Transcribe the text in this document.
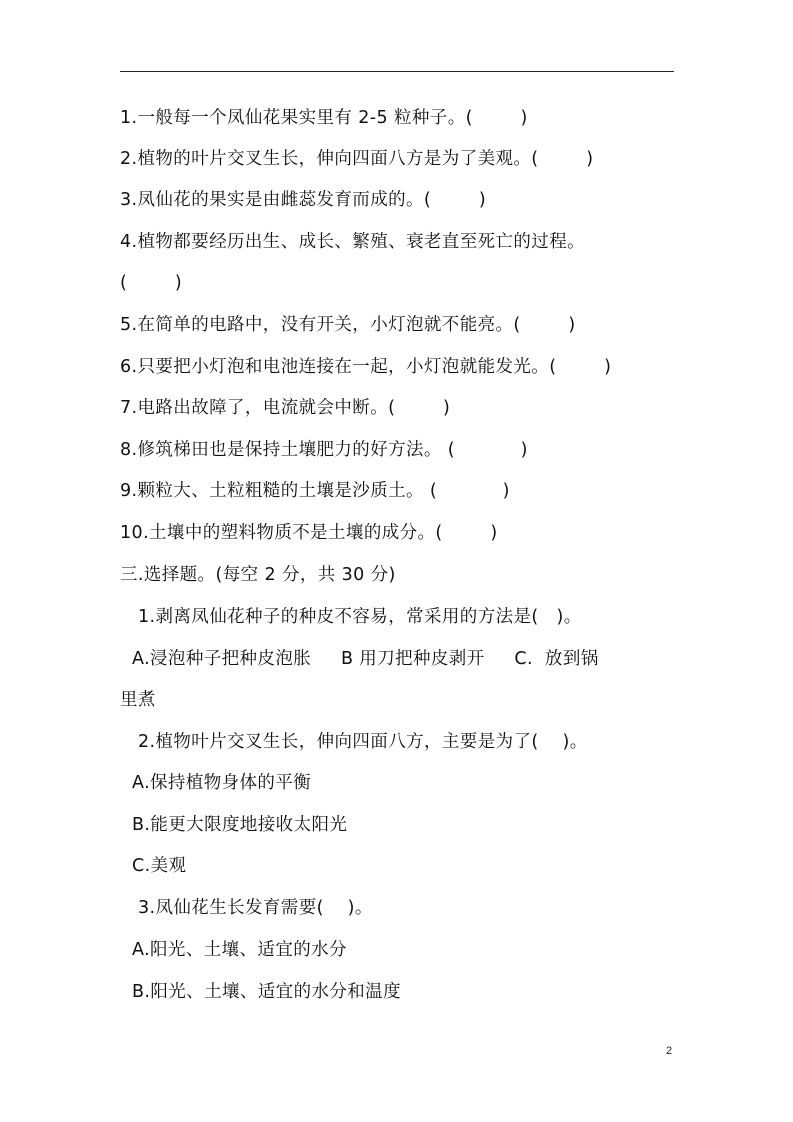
1.一般每一个凤仙花果实里有 2-5 粒种子。(        )
2.植物的叶片交叉生长，伸向四面八方是为了美观。(        )
3.凤仙花的果实是由雌蕊发育而成的。(        )
4.植物都要经历出生、成长、繁殖、衰老直至死亡的过程。
(        )
5.在简单的电路中，没有开关，小灯泡就不能亮。(        )
6.只要把小灯泡和电池连接在一起，小灯泡就能发光。(        )
7.电路出故障了，电流就会中断。(        )
8.修筑梯田也是保持土壤肥力的好方法。 (           )
9.颗粒大、土粒粗糙的土壤是沙质土。 (           )
10.土壤中的塑料物质不是土壤的成分。(        )
三.选择题。(每空 2 分，共 30 分)
1.剥离凤仙花种子的种皮不容易，常采用的方法是(   )。
A.浸泡种子把种皮泡胀     B 用刀把种皮剥开     C.  放到锅
里煮
2.植物叶片交叉生长，伸向四面八方，主要是为了(    )。
A.保持植物身体的平衡
B.能更大限度地接收太阳光
C.美观
3.凤仙花生长发育需要(    )。
A.阳光、土壤、适宜的水分
B.阳光、土壤、适宜的水分和温度
2
